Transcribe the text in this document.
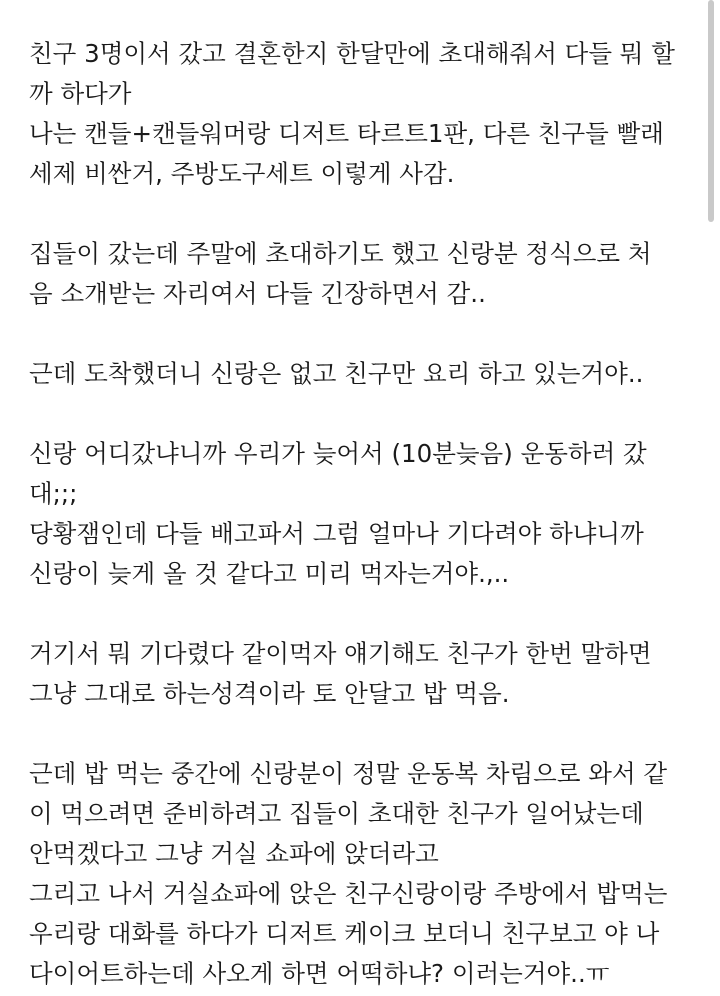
친구 3명이서 갔고 결혼한지 한달만에 초대해줘서 다들 뭐 할
까 하다가
나는 캔들+캔들워머랑 디저트 타르트1판, 다른 친구들 빨래
세제 비싼거, 주방도구세트 이렇게 사감.
집들이 갔는데 주말에 초대하기도 했고 신랑분 정식으로 처
음 소개받는 자리여서 다들 긴장하면서 감..
근데 도착했더니 신랑은 없고 친구만 요리 하고 있는거야..
신랑 어디갔냐니까 우리가 늦어서 (10분늦음) 운동하러 갔
대;;;
당황잼인데 다들 배고파서 그럼 얼마나 기다려야 하냐니까
신랑이 늦게 올 것 같다고 미리 먹자는거야.,..
거기서 뭐 기다렸다 같이먹자 얘기해도 친구가 한번 말하면
그냥 그대로 하는성격이라 토 안달고 밥 먹음.
근데 밥 먹는 중간에 신랑분이 정말 운동복 차림으로 와서 같
이 먹으려면 준비하려고 집들이 초대한 친구가 일어났는데
안먹겠다고 그냥 거실 쇼파에 앉더라고
그리고 나서 거실쇼파에 앉은 친구신랑이랑 주방에서 밥먹는
우리랑 대화를 하다가 디저트 케이크 보더니 친구보고 야 나
다이어트하는데 사오게 하면 어떡하냐? 이러는거야..ㅠ
